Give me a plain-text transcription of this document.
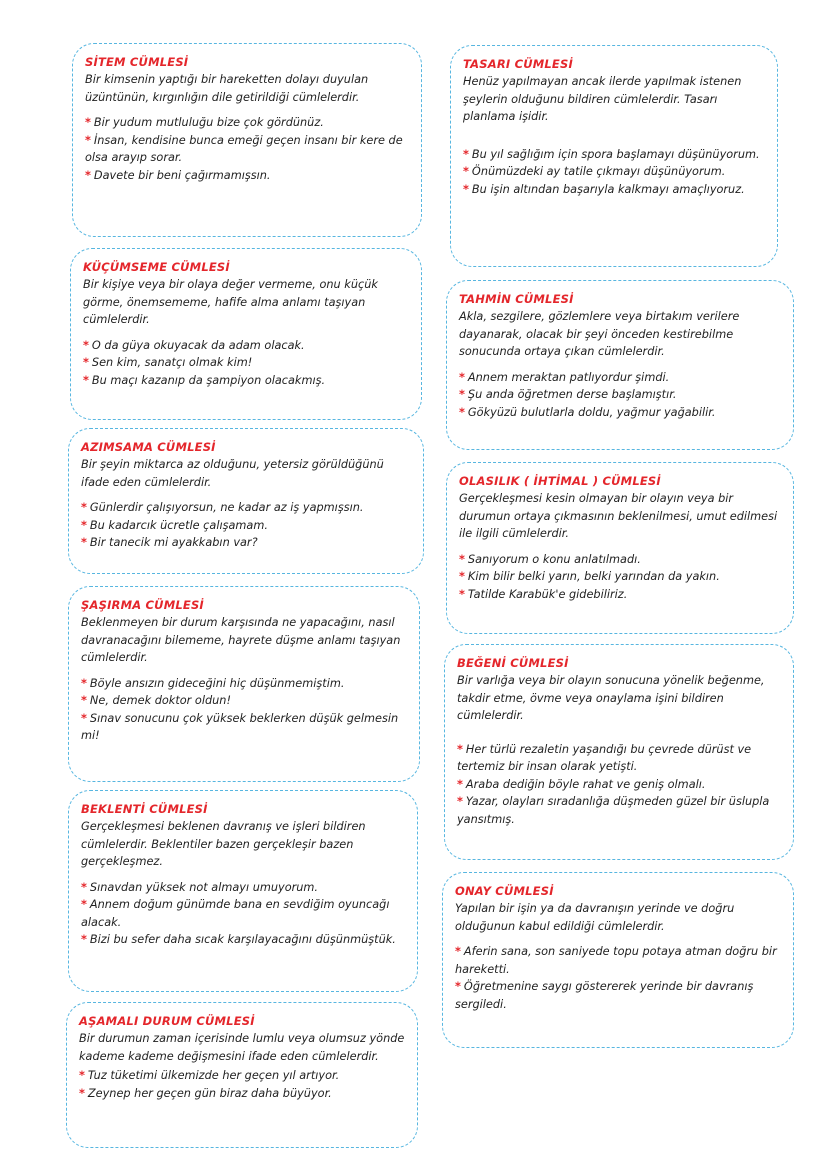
SİTEM CÜMLESİ
Bir kimsenin yaptığı bir hareketten dolayı duyulan üzüntünün, kırgınlığın dile getirildiği cümlelerdir.
* Bir yudum mutluluğu bize çok gördünüz.
* İnsan, kendisine bunca emeği geçen insanı bir kere de olsa arayıp sorar.
* Davete bir beni çağırmamışsın.
KÜÇÜMSEME CÜMLESİ
Bir kişiye veya bir olaya değer vermeme, onu küçük görme, önemsememe, hafife alma anlamı taşıyan cümlelerdir.
* O da güya okuyacak da adam olacak.
* Sen kim, sanatçı olmak kim!
* Bu maçı kazanıp da şampiyon olacakmış.
AZIMSAMA CÜMLESİ
Bir şeyin miktarca az olduğunu, yetersiz görüldüğünü ifade eden cümlelerdir.
* Günlerdir çalışıyorsun, ne kadar az iş yapmışsın.
* Bu kadarcık ücretle çalışamam.
* Bir tanecik mi ayakkabın var?
ŞAŞIRMA CÜMLESİ
Beklenmeyen bir durum karşısında ne yapacağını, nasıl davranacağını bilememe, hayrete düşme anlamı taşıyan cümlelerdir.
* Böyle ansızın gideceğini hiç düşünmemiştim.
* Ne, demek doktor oldun!
* Sınav sonucunu çok yüksek beklerken düşük gelmesin mi!
BEKLENTİ CÜMLESİ
Gerçekleşmesi beklenen davranış ve işleri bildiren cümlelerdir. Beklentiler bazen gerçekleşir bazen gerçekleşmez.
* Sınavdan yüksek not almayı umuyorum.
* Annem doğum günümde bana en sevdiğim oyuncağı alacak.
* Bizi bu sefer daha sıcak karşılayacağını düşünmüştük.
AŞAMALI DURUM CÜMLESİ
Bir durumun zaman içerisinde lumlu veya olumsuz yönde kademe kademe değişmesini ifade eden cümlelerdir.
* Tuz tüketimi ülkemizde her geçen yıl artıyor.
* Zeynep her geçen gün biraz daha büyüyor.
TASARI CÜMLESİ
Henüz yapılmayan ancak ilerde yapılmak istenen şeylerin olduğunu bildiren cümlelerdir. Tasarı planlama işidir.
* Bu yıl sağlığım için spora başlamayı düşünüyorum.
* Önümüzdeki ay tatile çıkmayı düşünüyorum.
* Bu işin altından başarıyla kalkmayı amaçlıyoruz.
TAHMİN CÜMLESİ
Akla, sezgilere, gözlemlere veya birtakım verilere dayanarak, olacak bir şeyi önceden kestirebilme sonucunda ortaya çıkan cümlelerdir.
* Annem meraktan patlıyordur şimdi.
* Şu anda öğretmen derse başlamıştır.
* Gökyüzü bulutlarla doldu, yağmur yağabilir.
OLASILIK ( İHTİMAL ) CÜMLESİ
Gerçekleşmesi kesin olmayan bir olayın veya bir durumun ortaya çıkmasının beklenilmesi, umut edilmesi ile ilgili cümlelerdir.
* Sanıyorum o konu anlatılmadı.
* Kim bilir belki yarın, belki yarından da yakın.
* Tatilde Karabük'e gidebiliriz.
BEĞENİ CÜMLESİ
Bir varlığa veya bir olayın sonucuna yönelik beğenme, takdir etme, övme veya onaylama işini bildiren cümlelerdir.
* Her türlü rezaletin yaşandığı bu çevrede dürüst ve tertemiz bir insan olarak yetişti.
* Araba dediğin böyle rahat ve geniş olmalı.
* Yazar, olayları sıradanlığa düşmeden güzel bir üslupla yansıtmış.
ONAY CÜMLESİ
Yapılan bir işin ya da davranışın yerinde ve doğru olduğunun kabul edildiği cümlelerdir.
* Aferin sana, son saniyede topu potaya atman doğru bir hareketti.
* Öğretmenine saygı göstererek yerinde bir davranış sergiledi.
